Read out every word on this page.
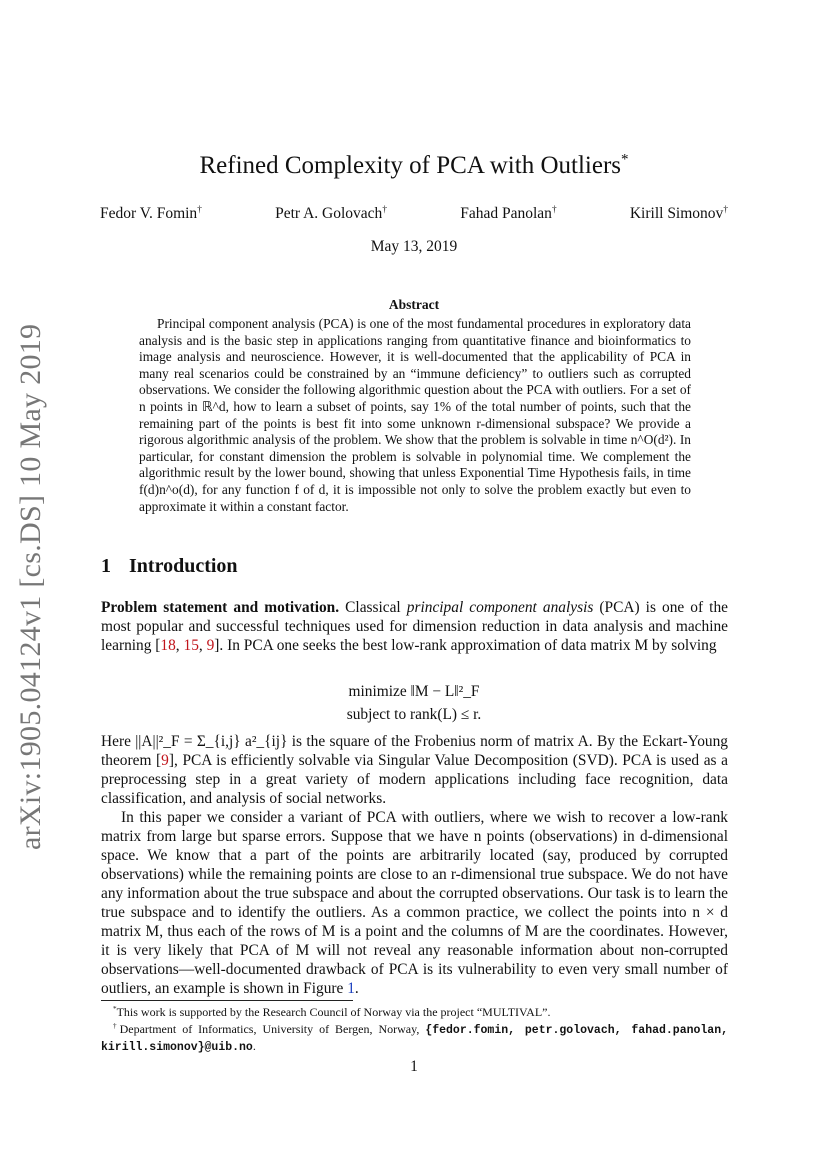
arXiv:1905.04124v1 [cs.DS] 10 May 2019
Refined Complexity of PCA with Outliers*
Fedor V. Fomin†	Petr A. Golovach†	Fahad Panolan†	Kirill Simonov†
May 13, 2019
Abstract
Principal component analysis (PCA) is one of the most fundamental procedures in exploratory data analysis and is the basic step in applications ranging from quantitative finance and bioinformatics to image analysis and neuroscience. However, it is well-documented that the applicability of PCA in many real scenarios could be constrained by an “immune deficiency” to outliers such as corrupted observations. We consider the following algorithmic question about the PCA with outliers. For a set of n points in ℝ^d, how to learn a subset of points, say 1% of the total number of points, such that the remaining part of the points is best fit into some unknown r-dimensional subspace? We provide a rigorous algorithmic analysis of the problem. We show that the problem is solvable in time n^O(d²). In particular, for constant dimension the problem is solvable in polynomial time. We complement the algorithmic result by the lower bound, showing that unless Exponential Time Hypothesis fails, in time f(d)n^o(d), for any function f of d, it is impossible not only to solve the problem exactly but even to approximate it within a constant factor.
1 Introduction
Problem statement and motivation. Classical principal component analysis (PCA) is one of the most popular and successful techniques used for dimension reduction in data analysis and machine learning [18, 15, 9]. In PCA one seeks the best low-rank approximation of data matrix M by solving
minimize ‖M − L‖²_F
subject to rank(L) ≤ r.
Here ||A||²_F = Σ_{i,j} a²_{ij} is the square of the Frobenius norm of matrix A. By the Eckart-Young theorem [9], PCA is efficiently solvable via Singular Value Decomposition (SVD). PCA is used as a preprocessing step in a great variety of modern applications including face recognition, data classification, and analysis of social networks.
In this paper we consider a variant of PCA with outliers, where we wish to recover a low-rank matrix from large but sparse errors. Suppose that we have n points (observations) in d-dimensional space. We know that a part of the points are arbitrarily located (say, produced by corrupted observations) while the remaining points are close to an r-dimensional true subspace. We do not have any information about the true subspace and about the corrupted observations. Our task is to learn the true subspace and to identify the outliers. As a common practice, we collect the points into n × d matrix M, thus each of the rows of M is a point and the columns of M are the coordinates. However, it is very likely that PCA of M will not reveal any reasonable information about non-corrupted observations—well-documented drawback of PCA is its vulnerability to even very small number of outliers, an example is shown in Figure 1.
*This work is supported by the Research Council of Norway via the project “MULTIVAL”.
†Department of Informatics, University of Bergen, Norway, {fedor.fomin, petr.golovach, fahad.panolan, kirill.simonov}@uib.no.
1
